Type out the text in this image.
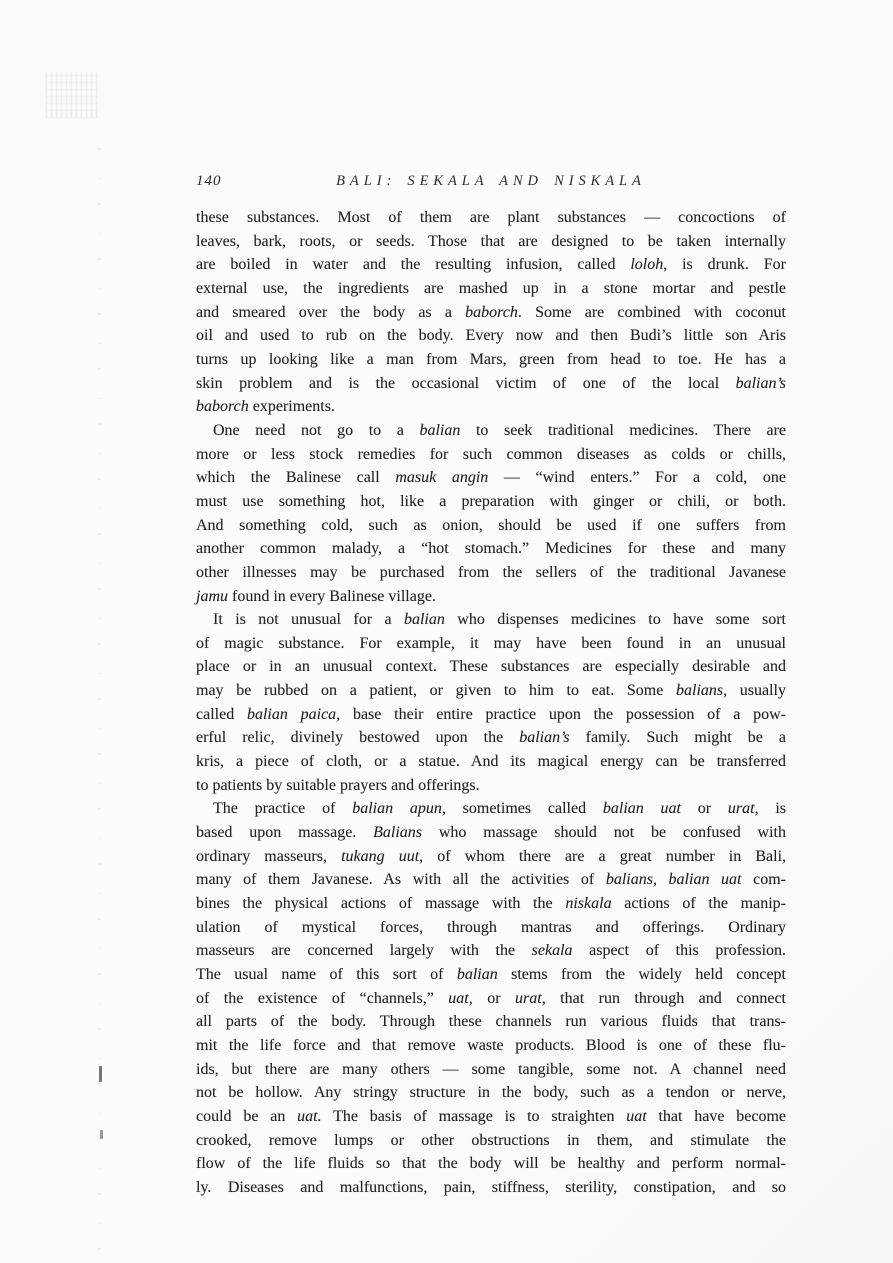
140	BALI: SEKALA AND NISKALA
these substances. Most of them are plant substances — concoctions of
leaves, bark, roots, or seeds. Those that are designed to be taken internally
are boiled in water and the resulting infusion, called loloh, is drunk. For
external use, the ingredients are mashed up in a stone mortar and pestle
and smeared over the body as a baborch. Some are combined with coconut
oil and used to rub on the body. Every now and then Budi’s little son Aris
turns up looking like a man from Mars, green from head to toe. He has a
skin problem and is the occasional victim of one of the local balian’s
baborch experiments.
One need not go to a balian to seek traditional medicines. There are
more or less stock remedies for such common diseases as colds or chills,
which the Balinese call masuk angin — “wind enters.” For a cold, one
must use something hot, like a preparation with ginger or chili, or both.
And something cold, such as onion, should be used if one suffers from
another common malady, a “hot stomach.” Medicines for these and many
other illnesses may be purchased from the sellers of the traditional Javanese
jamu found in every Balinese village.
It is not unusual for a balian who dispenses medicines to have some sort
of magic substance. For example, it may have been found in an unusual
place or in an unusual context. These substances are especially desirable and
may be rubbed on a patient, or given to him to eat. Some balians, usually
called balian paica, base their entire practice upon the possession of a pow-
erful relic, divinely bestowed upon the balian’s family. Such might be a
kris, a piece of cloth, or a statue. And its magical energy can be transferred
to patients by suitable prayers and offerings.
The practice of balian apun, sometimes called balian uat or urat, is
based upon massage. Balians who massage should not be confused with
ordinary masseurs, tukang uut, of whom there are a great number in Bali,
many of them Javanese. As with all the activities of balians, balian uat com-
bines the physical actions of massage with the niskala actions of the manip-
ulation of mystical forces, through mantras and offerings. Ordinary
masseurs are concerned largely with the sekala aspect of this profession.
The usual name of this sort of balian stems from the widely held concept
of the existence of “channels,” uat, or urat, that run through and connect
all parts of the body. Through these channels run various fluids that trans-
mit the life force and that remove waste products. Blood is one of these flu-
ids, but there are many others — some tangible, some not. A channel need
not be hollow. Any stringy structure in the body, such as a tendon or nerve,
could be an uat. The basis of massage is to straighten uat that have become
crooked, remove lumps or other obstructions in them, and stimulate the
flow of the life fluids so that the body will be healthy and perform normal-
ly. Diseases and malfunctions, pain, stiffness, sterility, constipation, and so
